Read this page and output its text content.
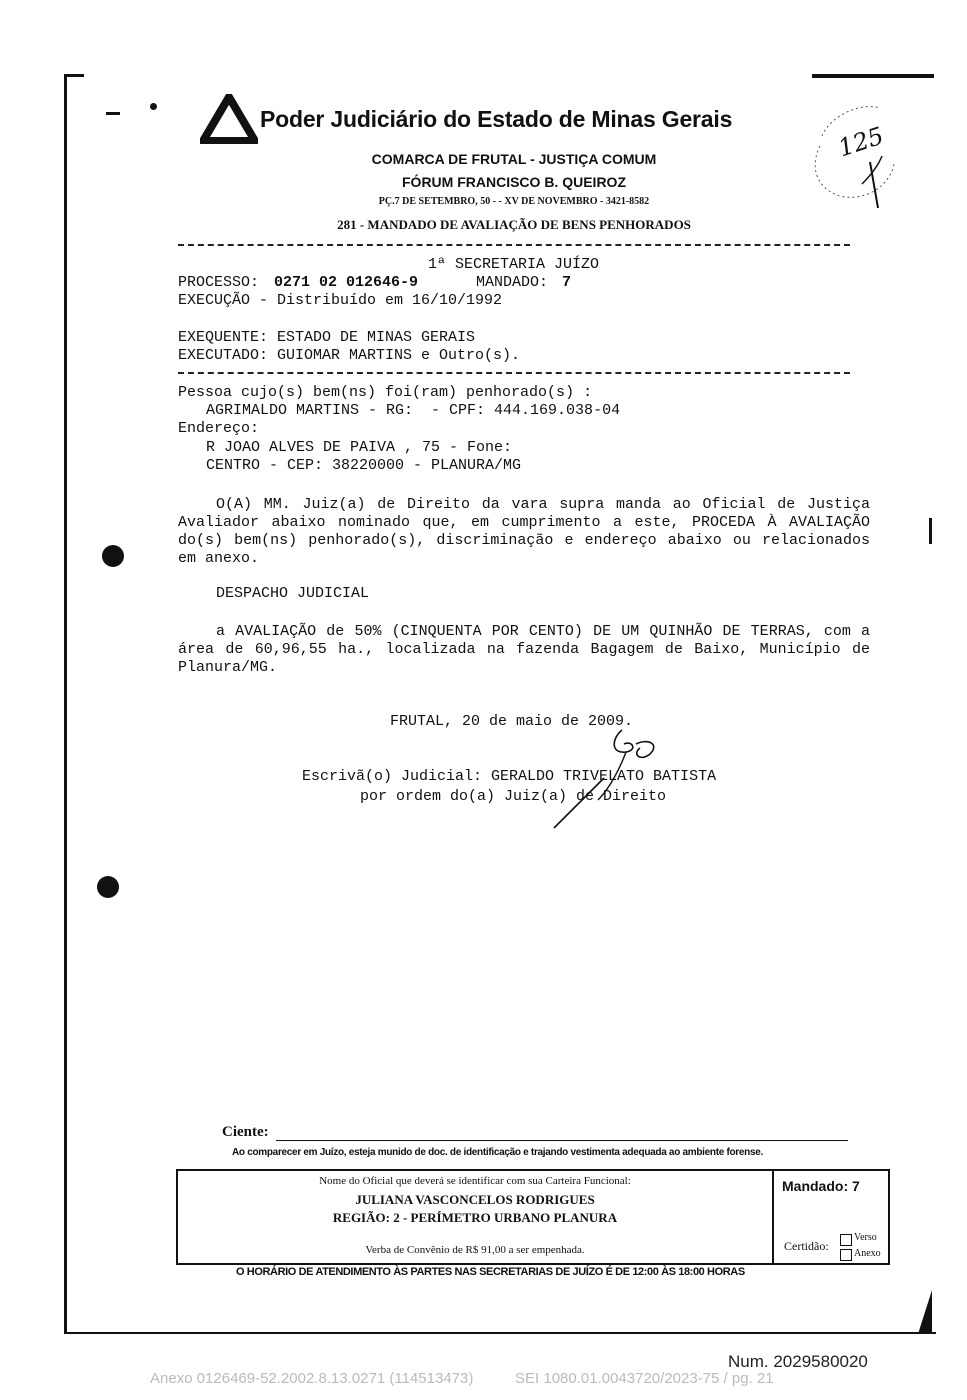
Poder Judiciário do Estado de Minas Gerais
COMARCA DE FRUTAL - JUSTIÇA COMUM
FÓRUM FRANCISCO B. QUEIROZ
PÇ.7 DE SETEMBRO, 50 - - XV DE NOVEMBRO - 3421-8582
281 - MANDADO DE AVALIAÇÃO DE BENS PENHORADOS
125
1ª SECRETARIA JUÍZO
PROCESSO: 0271 02 012646-9	MANDADO: 7
EXECUÇÃO - Distribuído em 16/10/1992
EXEQUENTE: ESTADO DE MINAS GERAIS
EXECUTADO: GUIOMAR MARTINS e Outro(s).
Pessoa cujo(s) bem(ns) foi(ram) penhorado(s) :
AGRIMALDO MARTINS - RG:  - CPF: 444.169.038-04
Endereço:
R JOAO ALVES DE PAIVA , 75 - Fone:
CENTRO - CEP: 38220000 - PLANURA/MG
O(A) MM. Juiz(a) de Direito da vara supra manda ao Oficial de Justiça Avaliador abaixo nominado que, em cumprimento a este, PROCEDA À AVALIAÇÃO do(s) bem(ns) penhorado(s), discriminação e endereço abaixo ou relacionados em anexo.
DESPACHO JUDICIAL
a AVALIAÇÃO de 50% (CINQUENTA POR CENTO) DE UM QUINHÃO DE TERRAS, com a área de 60,96,55 ha., localizada na fazenda Bagagem de Baixo, Município de Planura/MG.
FRUTAL, 20 de maio de 2009.
Escrivã(o) Judicial: GERALDO TRIVELATO BATISTA
por ordem do(a) Juiz(a) de Direito
Ciente:
Ao comparecer em Juízo, esteja munido de doc. de identificação e trajando vestimenta adequada ao ambiente forense.
Nome do Oficial que deverá se identificar com sua Carteira Funcional:
JULIANA VASCONCELOS RODRIGUES
REGIÃO: 2 - PERÍMETRO URBANO PLANURA
Verba de Convênio de R$ 91,00 a ser empenhada.
Mandado: 7
Certidão:
Verso
Anexo
O HORÁRIO DE ATENDIMENTO ÀS PARTES NAS SECRETARIAS DE JUÍZO É DE 12:00 ÀS 18:00 HORAS
Num. 2029580020
Anexo 0126469-52.2002.8.13.0271 (114513473)          SEI 1080.01.0043720/2023-75 / pg. 21
